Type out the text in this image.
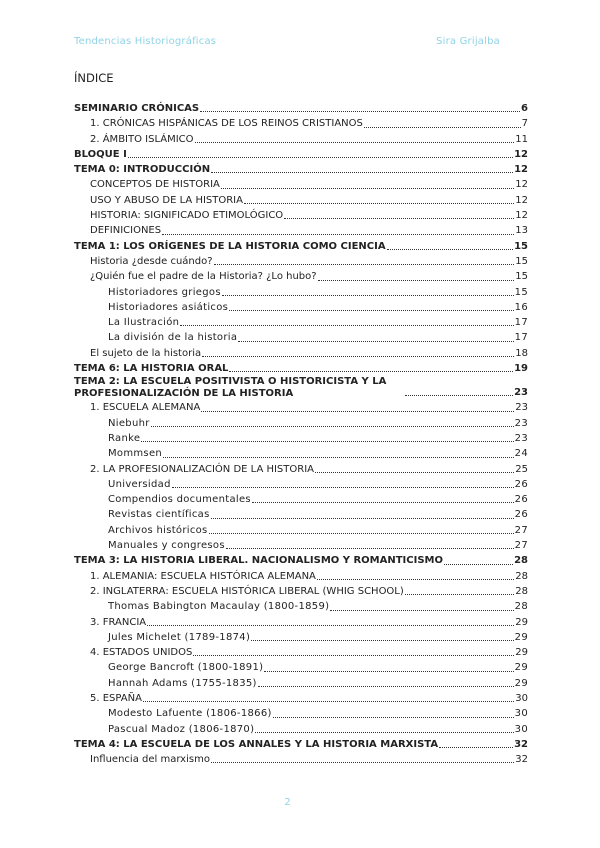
Tendencias Historiográficas	Sira Grijalba
ÍNDICE
SEMINARIO CRÓNICAS	6
1. CRÓNICAS HISPÁNICAS DE LOS REINOS CRISTIANOS	7
2. ÁMBITO ISLÁMICO	11
BLOQUE I	12
TEMA 0: INTRODUCCIÓN	12
CONCEPTOS DE HISTORIA	12
USO Y ABUSO DE LA HISTORIA	12
HISTORIA: SIGNIFICADO ETIMOLÓGICO	12
DEFINICIONES	13
TEMA 1: LOS ORÍGENES DE LA HISTORIA COMO CIENCIA	15
Historia ¿desde cuándo?	15
¿Quién fue el padre de la Historia? ¿Lo hubo?	15
Historiadores griegos	15
Historiadores asiáticos	16
La Ilustración	17
La división de la historia	17
El sujeto de la historia	18
TEMA 6: LA HISTORIA ORAL	19
TEMA 2: LA ESCUELA POSITIVISTA O HISTORICISTA Y LA PROFESIONALIZACIÓN DE LA HISTORIA	23
1. ESCUELA ALEMANA	23
Niebuhr	23
Ranke	23
Mommsen	24
2. LA PROFESIONALIZACIÓN DE LA HISTORIA	25
Universidad	26
Compendios documentales	26
Revistas científicas	26
Archivos históricos	27
Manuales y congresos	27
TEMA 3: LA HISTORIA LIBERAL. NACIONALISMO Y ROMANTICISMO	28
1. ALEMANIA: ESCUELA HISTÓRICA ALEMANA	28
2. INGLATERRA: ESCUELA HISTÓRICA LIBERAL (WHIG SCHOOL)	28
Thomas Babington Macaulay (1800-1859)	28
3. FRANCIA	29
Jules Michelet (1789-1874)	29
4. ESTADOS UNIDOS	29
George Bancroft (1800-1891)	29
Hannah Adams (1755-1835)	29
5. ESPAÑA	30
Modesto Lafuente (1806-1866)	30
Pascual Madoz (1806-1870)	30
TEMA 4: LA ESCUELA DE LOS ANNALES Y LA HISTORIA MARXISTA	32
Influencia del marxismo	32
2
